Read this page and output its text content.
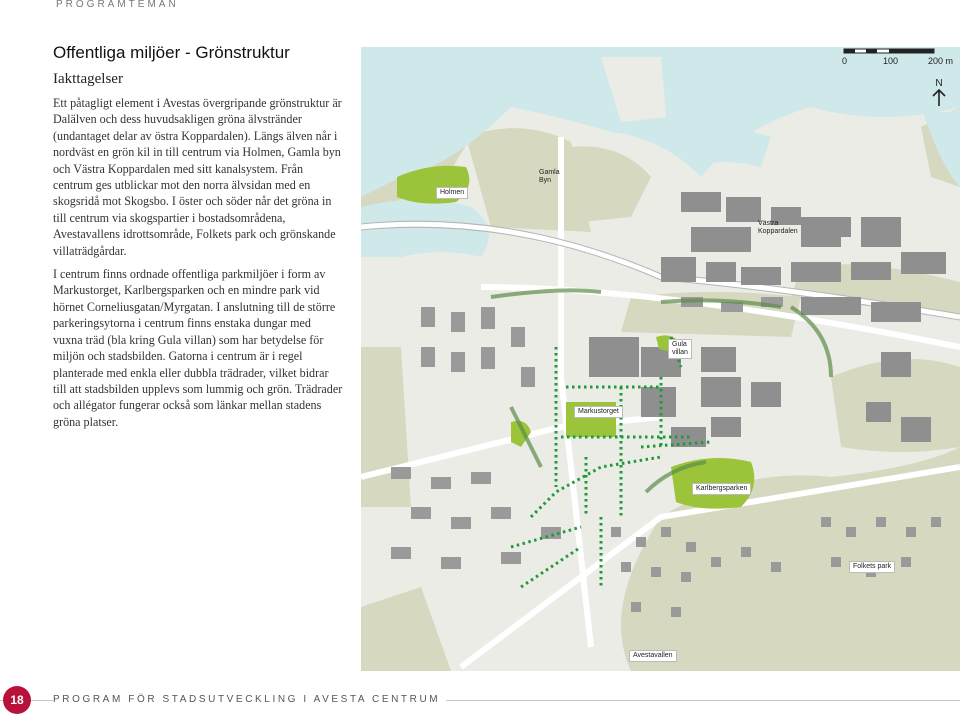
PROGRAMTEMAN
Offentliga miljöer - Grönstruktur
Iakttagelser

Ett påtagligt element i Avestas övergripande grönstruktur är Dalälven och dess huvudsakligen gröna älvstränder (undantaget delar av östra Koppardalen). Längs älven når i nordväst en grön kil in till centrum via Holmen, Gamla byn och Västra Koppardalen med sitt kanalsystem. Från centrum ges utblickar mot den norra älvsidan med en skogsridå mot Skogsbo. I öster och söder når det gröna in till centrum via skogspartier i bostadsområdena, Avestavallens idrottsområde, Folkets park och grönskande villaträdgårdar.

I centrum finns ordnade offentliga parkmiljöer i form av Markustorget, Karlbergsparken och en mindre park vid hörnet Corneliusgatan/Myrgatan. I anslutning till de större parkeringsytorna i centrum finns enstaka dungar med vuxna träd (bla kring Gula villan) som har betydelse för miljön och stadsbilden. Gatorna i centrum är i regel planterade med enkla eller dubbla trädrader, vilket bidrar till att stadsbilden upplevs som lummig och grön. Trädrader och allégator fungerar också som länkar mellan stadens gröna platser.

Holmen
Gamla
Byn
Västra
Koppardalen
Gula
villan
Markustorget
Karlbergsparken
Folkets park
Avestavallen
0	100	200 m
N
18	PROGRAM FÖR STADSUTVECKLING I AVESTA CENTRUM
